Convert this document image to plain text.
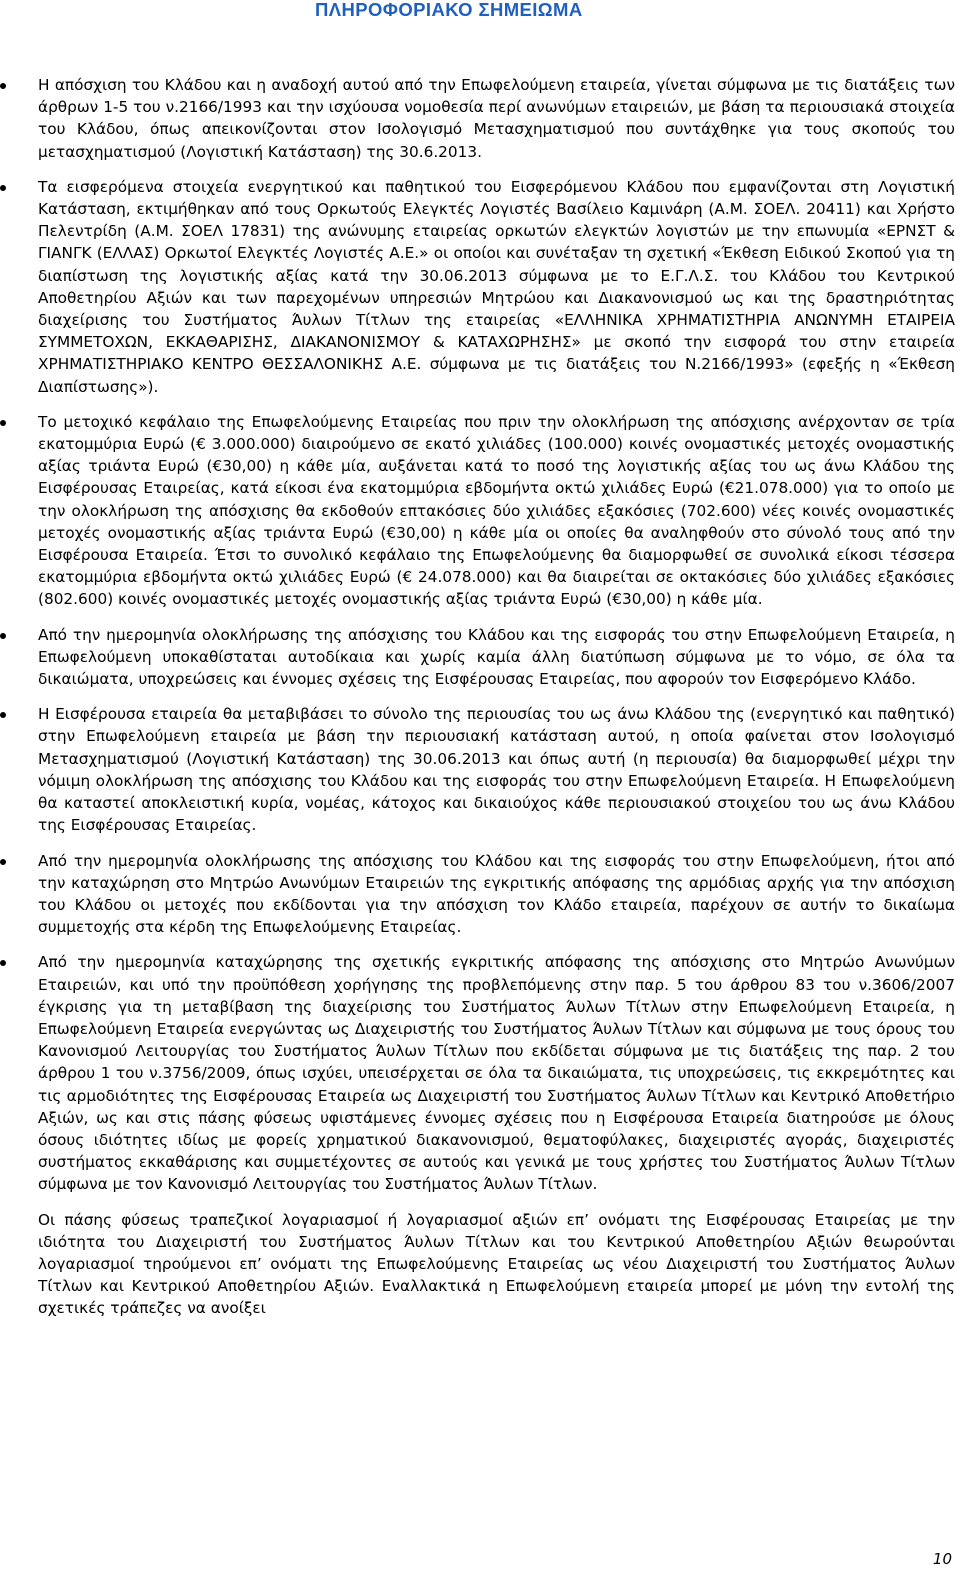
ΠΛΗΡΟΦΟΡΙΑΚΟ ΣΗΜΕΙΩΜΑ
Η απόσχιση του Κλάδου και η αναδοχή αυτού από την Επωφελούμενη εταιρεία, γίνεται σύμφωνα με τις διατάξεις των άρθρων 1-5 του ν.2166/1993 και την ισχύουσα νομοθεσία περί ανωνύμων εταιρειών, με βάση τα περιουσιακά στοιχεία του Κλάδου, όπως απεικονίζονται στον Ισολογισμό Μετασχηματισμού που συντάχθηκε για τους σκοπούς του μετασχηματισμού (Λογιστική Κατάσταση) της 30.6.2013.
Τα εισφερόμενα στοιχεία ενεργητικού και παθητικού του Εισφερόμενου Κλάδου που εμφανίζονται στη Λογιστική Κατάσταση, εκτιμήθηκαν από τους Ορκωτούς Ελεγκτές Λογιστές Βασίλειο Καμινάρη (Α.Μ. ΣΟΕΛ. 20411) και Χρήστο Πελεντρίδη (Α.Μ. ΣΟΕΛ 17831) της ανώνυμης εταιρείας ορκωτών ελεγκτών λογιστών με την επωνυμία «ΕΡΝΣΤ & ΓΙΑΝΓΚ (ΕΛΛΑΣ) Ορκωτοί Ελεγκτές Λογιστές Α.Ε.» οι οποίοι και συνέταξαν τη σχετική «Έκθεση Ειδικού Σκοπού για τη διαπίστωση της λογιστικής αξίας κατά την 30.06.2013 σύμφωνα με το Ε.Γ.Λ.Σ. του Κλάδου του Κεντρικού Αποθετηρίου Αξιών και των παρεχομένων υπηρεσιών Μητρώου και Διακανονισμού ως και της δραστηριότητας διαχείρισης του Συστήματος Άυλων Τίτλων της εταιρείας «ΕΛΛΗΝΙΚΑ ΧΡΗΜΑΤΙΣΤΗΡΙΑ ΑΝΩΝΥΜΗ ΕΤΑΙΡΕΙΑ ΣΥΜΜΕΤΟΧΩΝ, ΕΚΚΑΘΑΡΙΣΗΣ, ΔΙΑΚΑΝΟΝΙΣΜΟΥ & ΚΑΤΑΧΩΡΗΣΗΣ» με σκοπό την εισφορά του στην εταιρεία ΧΡΗΜΑΤΙΣΤΗΡΙΑΚΟ ΚΕΝΤΡΟ ΘΕΣΣΑΛΟΝΙΚΗΣ Α.Ε. σύμφωνα με τις διατάξεις του Ν.2166/1993» (εφεξής η «Έκθεση Διαπίστωσης»).
Το μετοχικό κεφάλαιο της Επωφελούμενης Εταιρείας που πριν την ολοκλήρωση της απόσχισης ανέρχονταν σε τρία εκατομμύρια Ευρώ (€ 3.000.000) διαιρούμενο σε εκατό χιλιάδες (100.000) κοινές ονομαστικές μετοχές ονομαστικής αξίας τριάντα Ευρώ (€30,00) η κάθε μία, αυξάνεται κατά το ποσό της λογιστικής αξίας του ως άνω Κλάδου της Εισφέρουσας Εταιρείας, κατά είκοσι ένα εκατομμύρια εβδομήντα οκτώ χιλιάδες Ευρώ (€21.078.000) για το οποίο με την ολοκλήρωση της απόσχισης θα εκδοθούν επτακόσιες δύο χιλιάδες εξακόσιες (702.600) νέες κοινές ονομαστικές μετοχές ονομαστικής αξίας τριάντα Ευρώ (€30,00) η κάθε μία οι οποίες θα αναληφθούν στο σύνολό τους από την Εισφέρουσα Εταιρεία. Έτσι το συνολικό κεφάλαιο της Επωφελούμενης θα διαμορφωθεί σε συνολικά είκοσι τέσσερα εκατομμύρια εβδομήντα οκτώ χιλιάδες Ευρώ (€ 24.078.000) και θα διαιρείται σε οκτακόσιες δύο χιλιάδες εξακόσιες (802.600) κοινές ονομαστικές μετοχές ονομαστικής αξίας τριάντα Ευρώ (€30,00) η κάθε μία.
Από την ημερομηνία ολοκλήρωσης της απόσχισης του Κλάδου και της εισφοράς του στην Επωφελούμενη Εταιρεία, η Επωφελούμενη υποκαθίσταται αυτοδίκαια και χωρίς καμία άλλη διατύπωση σύμφωνα με το νόμο, σε όλα τα δικαιώματα, υποχρεώσεις και έννομες σχέσεις της Εισφέρουσας Εταιρείας, που αφορούν τον Εισφερόμενο Κλάδο.
Η Εισφέρουσα εταιρεία θα μεταβιβάσει το σύνολο της περιουσίας του ως άνω Κλάδου της (ενεργητικό και παθητικό) στην Επωφελούμενη εταιρεία με βάση την περιουσιακή κατάσταση αυτού, η οποία φαίνεται στον Ισολογισμό Μετασχηματισμού (Λογιστική Κατάσταση) της 30.06.2013 και όπως αυτή (η περιουσία) θα διαμορφωθεί μέχρι την νόμιμη ολοκλήρωση της απόσχισης του Κλάδου και της εισφοράς του στην Επωφελούμενη Εταιρεία. Η Επωφελούμενη θα καταστεί αποκλειστική κυρία, νομέας, κάτοχος και δικαιούχος κάθε περιουσιακού στοιχείου του ως άνω Κλάδου της Εισφέρουσας Εταιρείας.
Από την ημερομηνία ολοκλήρωσης της απόσχισης του Κλάδου και της εισφοράς του στην Επωφελούμενη, ήτοι από την καταχώρηση στο Μητρώο Ανωνύμων Εταιρειών της εγκριτικής απόφασης της αρμόδιας αρχής για την απόσχιση του Κλάδου οι μετοχές που εκδίδονται για την απόσχιση τον Κλάδο εταιρεία, παρέχουν σε αυτήν το δικαίωμα συμμετοχής στα κέρδη της Επωφελούμενης Εταιρείας.
Από την ημερομηνία καταχώρησης της σχετικής εγκριτικής απόφασης της απόσχισης στο Μητρώο Ανωνύμων Εταιρειών, και υπό την προϋπόθεση χορήγησης της προβλεπόμενης στην παρ. 5 του άρθρου 83 του ν.3606/2007 έγκρισης για τη μεταβίβαση της διαχείρισης του Συστήματος Άυλων Τίτλων στην Επωφελούμενη Εταιρεία, η Επωφελούμενη Εταιρεία ενεργώντας ως Διαχειριστής του Συστήματος Άυλων Τίτλων και σύμφωνα με τους όρους του Κανονισμού Λειτουργίας του Συστήματος Άυλων Τίτλων που εκδίδεται σύμφωνα με τις διατάξεις της παρ. 2 του άρθρου 1 του ν.3756/2009, όπως ισχύει, υπεισέρχεται σε όλα τα δικαιώματα, τις υποχρεώσεις, τις εκκρεμότητες και τις αρμοδιότητες της Εισφέρουσας Εταιρεία ως Διαχειριστή του Συστήματος Άυλων Τίτλων και Κεντρικό Αποθετήριο Αξιών, ως και στις πάσης φύσεως υφιστάμενες έννομες σχέσεις που η Εισφέρουσα Εταιρεία διατηρούσε με όλους όσους ιδιότητες ιδίως με φορείς χρηματικού διακανονισμού, θεματοφύλακες, διαχειριστές αγοράς, διαχειριστές συστήματος εκκαθάρισης και συμμετέχοντες σε αυτούς και γενικά με τους χρήστες του Συστήματος Άυλων Τίτλων σύμφωνα με τον Κανονισμό Λειτουργίας του Συστήματος Άυλων Τίτλων.
Οι πάσης φύσεως τραπεζικοί λογαριασμοί ή λογαριασμοί αξιών επ’ ονόματι της Εισφέρουσας Εταιρείας με την ιδιότητα του Διαχειριστή του Συστήματος Άυλων Τίτλων και του Κεντρικού Αποθετηρίου Αξιών θεωρούνται λογαριασμοί τηρούμενοι επ’ ονόματι της Επωφελούμενης Εταιρείας ως νέου Διαχειριστή του Συστήματος Άυλων Τίτλων και Κεντρικού Αποθετηρίου Αξιών. Εναλλακτικά η Επωφελούμενη εταιρεία μπορεί με μόνη την εντολή της σχετικές τράπεζες να ανοίξει
10
